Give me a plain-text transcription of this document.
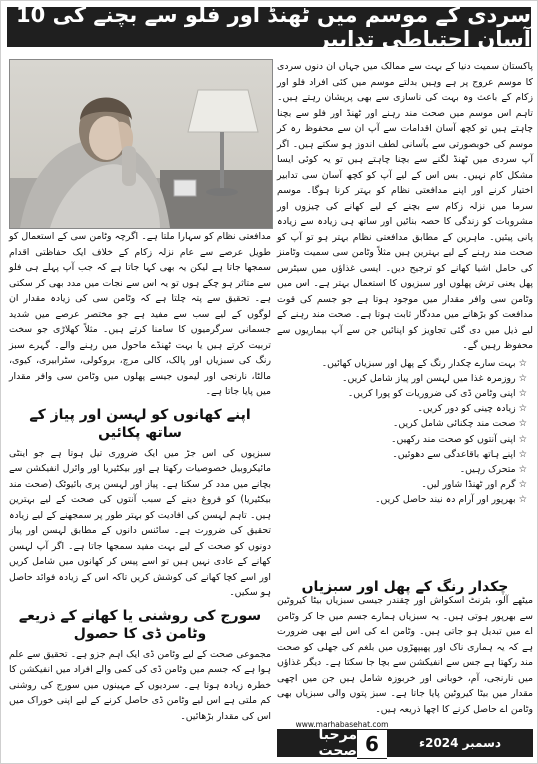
سردی کے موسم میں ٹھنڈ اور فلو سے بچنے کی 10 آسان احتیاطی تدابیر

پاکستان سمیت دنیا کے بہت سے ممالک میں جہاں ان دنوں سردی کا موسم عروج پر ہے وہیں بدلتے موسم میں کئی افراد فلو اور زکام کے باعث وہ بہت کی ناسازی سے بھی پریشان رہتے ہیں۔ تاہم اس موسم میں صحت مند رہنے اور ٹھنڈ اور فلو سے بچنا چاہتے ہیں تو کچھ آسان اقدامات سے آپ ان سے محفوظ رہ کر موسم کی خوبصورتی سے بآسانی لطف اندوز ہو سکتے ہیں۔ اگر آپ سردی میں ٹھنڈ لگنے سے بچنا چاہتے ہیں تو یہ کوئی ایسا مشکل کام نہیں۔ بس اس کے لیے آپ کو کچھ آسان سی تدابیر اختیار کرنے اور اپنے مدافعتی نظام کو بہتر کرنا ہوگا۔ موسم سرما میں نزلہ زکام سے بچنے کے لیے کھانے کی چیزوں اور مشروبات کو زندگی کا حصہ بنائیں اور ساتھ ہی زیادہ سے زیادہ پانی پیئیں۔ ماہرین کے مطابق مدافعتی نظام بہتر ہو تو آپ کو صحت مند رہنے کے لیے بہترین ہیں مثلاً وٹامن سی سمیت وٹامنز کی حامل اشیا کھانے کو ترجیح دیں۔ ایسی غذاؤں میں سیٹرس پھل یعنی ترش پھلوں اور سبزیوں کا استعمال بہتر ہے۔ اس میں وٹامن سی وافر مقدار میں موجود ہوتا ہے جو جسم کی قوت مدافعت کو بڑھانے میں مددگار ثابت ہوتا ہے۔ صحت مند رہنے کے لیے ذیل میں دی گئی تجاویز کو اپنائیں جن سے آپ بیماریوں سے محفوظ رہیں گے۔

☆ بہت سارے چکدار رنگ کے پھل اور سبزیاں کھائیں۔
☆ روزمرہ غذا میں لہسن اور پیاز شامل کریں۔
☆ اپنی وٹامن ڈی کی ضروریات کو پورا کریں۔
☆ زیادہ چینی کو دور کریں۔
☆ صحت مند چکنائی شامل کریں۔
☆ اپنی آنتوں کو صحت مند رکھیں۔
☆ اپنے ہاتھ باقاعدگی سے دھوئیں۔
☆ متحرک رہیں۔
☆ گرم اور ٹھنڈا شاور لیں۔
☆ بھرپور اور آرام دہ نیند حاصل کریں۔
چکدار رنگ کے پھل اور سبزیاں

میٹھے آلو، بٹرنٹ اسکواش اور چقندر جیسی سبزیاں بیٹا کیروٹین سے بھرپور ہوتی ہیں۔ یہ سبزیاں ہمارے جسم میں جا کر وٹامن اے میں تبدیل ہو جاتی ہیں۔ وٹامن اے کی اس لیے بھی ضرورت ہے کہ یہ ہماری ناک اور پھیپھڑوں میں بلغم کی جھلی کو صحت مند رکھتا ہے جس سے انفیکشن سے بچا جا سکتا ہے۔ دیگر غذاؤں میں نارنجی، آم، خوبانی اور خربوزہ شامل ہیں جن میں اچھی مقدار میں بیٹا کیروٹین پایا جاتا ہے۔ سبز پتوں والی سبزیاں بھی وٹامن اے حاصل کرنے کا اچھا ذریعہ ہیں۔

مدافعتی نظام کو سہارا ملتا ہے۔ اگرچہ وٹامن سی کے استعمال کو طویل عرصے سے عام نزلہ زکام کے خلاف ایک حفاظتی اقدام سمجھا جاتا ہے لیکن یہ بھی کہا جاتا ہے کہ جب آپ پہلے ہی فلو سے متاثر ہو چکے ہوں تو یہ اس سے نجات میں مدد بھی کر سکتی ہے۔ تحقیق سے پتہ چلتا ہے کہ وٹامن سی کی زیادہ مقدار ان لوگوں کے لیے سب سے مفید ہے جو مختصر عرصے میں شدید جسمانی سرگرمیوں کا سامنا کرتے ہیں۔ مثلاً کھلاڑی جو سخت تربیت کرتے ہیں یا بہت ٹھنڈے ماحول میں رہنے والے۔ گہرے سبز رنگ کی سبزیاں اور پالک، کالی مرچ، بروکولی، سٹرابیری، کیوی، مالٹا، نارنجی اور لیموں جیسے پھلوں میں وٹامن سی وافر مقدار میں پایا جاتا ہے۔

اپنے کھانوں کو لہسن اور پیاز کے ساتھ پکائیں

سبزیوں کی اس جڑ میں ایک ضروری تیل ہوتا ہے جو اینٹی مائیکروبیل خصوصیات رکھتا ہے اور بیکٹیریا اور وائرل انفیکشن سے بچانے میں مدد کر سکتا ہے۔ پیاز اور لہسن پری بائیوٹک (صحت مند بیکٹیریا) کو فروغ دینے کے سبب آنتوں کی صحت کے لیے بہترین ہیں۔ تاہم لہسن کی افادیت کو بہتر طور پر سمجھنے کے لیے زیادہ تحقیق کی ضرورت ہے۔ سائنس دانوں کے مطابق لہسن اور پیاز دونوں کو صحت کے لیے بہت مفید سمجھا جاتا ہے۔ اگر آپ لہسن کھانے کے عادی نہیں ہیں تو اسے پیس کر کھانوں میں شامل کریں اور اسے کچا کھانے کی کوشش کریں تاکہ اس کے زیادہ فوائد حاصل ہو سکیں۔

سورج کی روشنی یا کھانے کے ذریعے وٹامن ڈی کا حصول

مجموعی صحت کے لیے وٹامن ڈی ایک اہم جزو ہے۔ تحقیق سے علم ہوا ہے کہ جسم میں وٹامن ڈی کی کمی والے افراد میں انفیکشن کا خطرہ زیادہ ہوتا ہے۔ سردیوں کے مہینوں میں سورج کی روشنی کم ملتی ہے اس لیے وٹامن ڈی حاصل کرنے کے لیے اپنی خوراک میں اس کی مقدار بڑھائیں۔

www.marhabasehat.com
مرحبا صحت 6	دسمبر 2024ء
